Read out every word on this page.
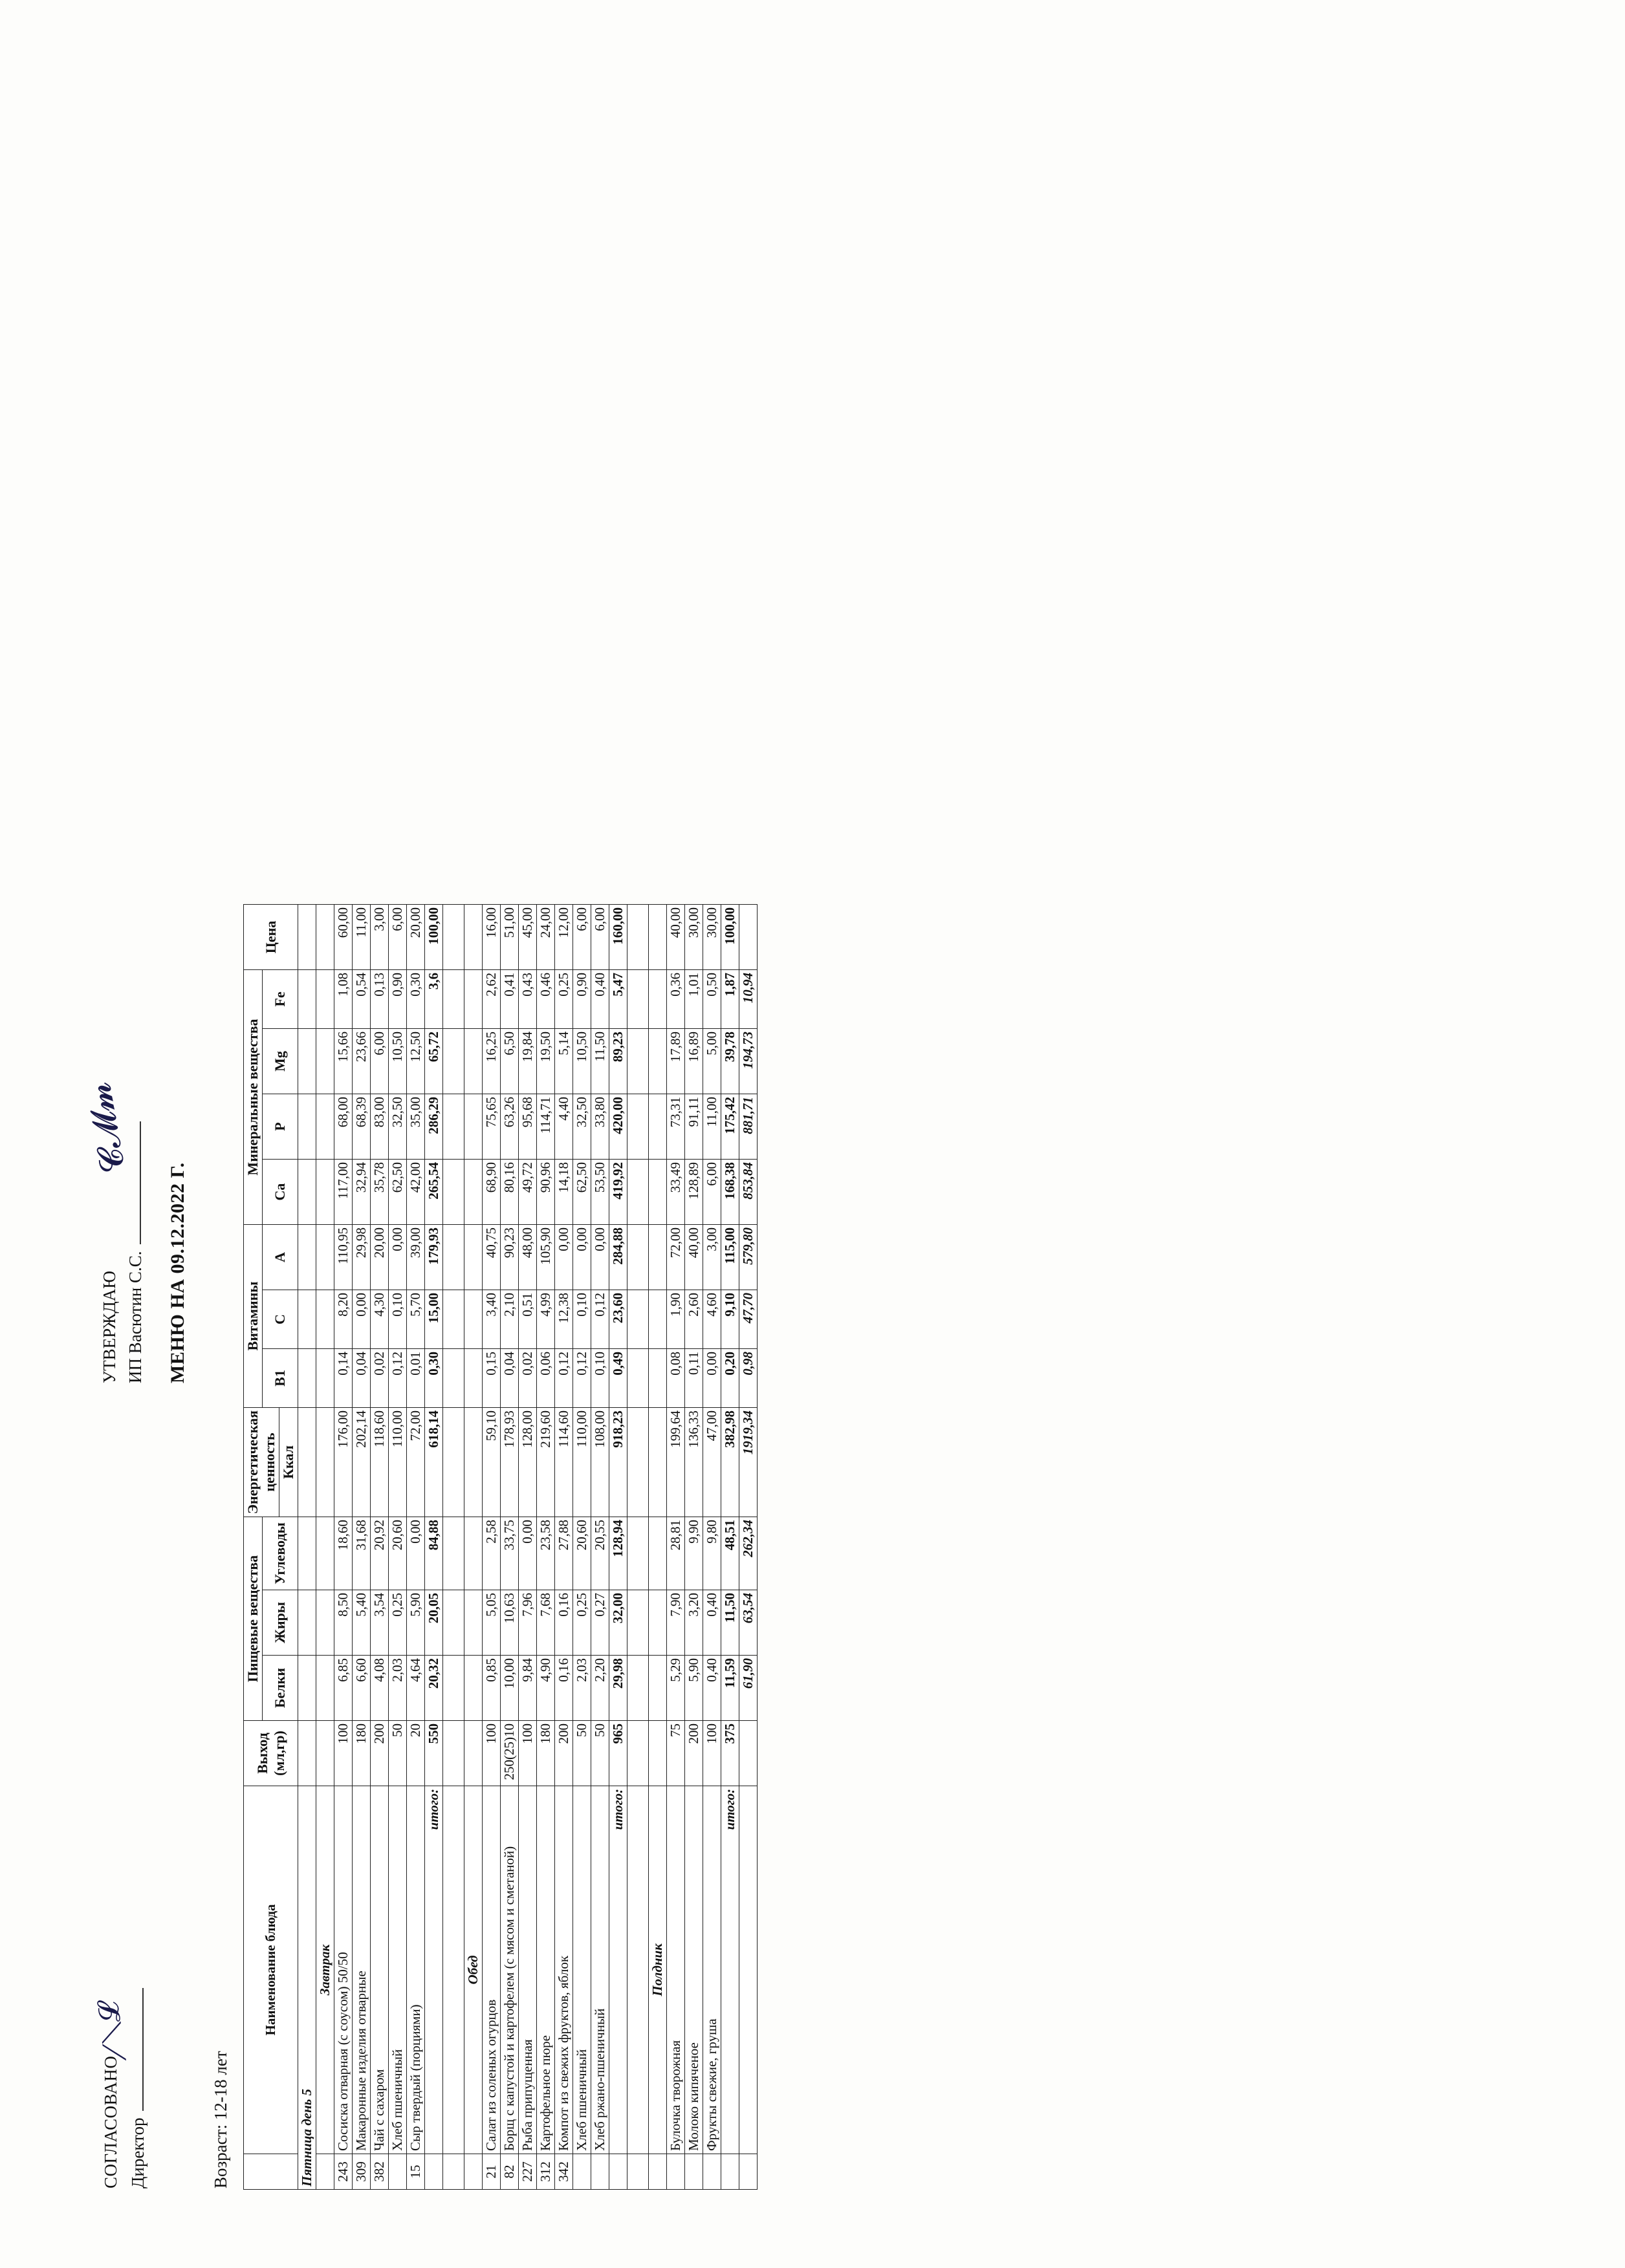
СОГЛАСОВАНО Директор
⟋⟍𝓛
УТВЕРЖДАЮ ИП Васютин С.С.
𝓒𝓜𝓶
МЕНЮ НА 09.12.2022 Г.
Возраст: 12-18 лет
	Наименование блюда	Выход (мл,гр)	Пищевые вещества			Энергетическая ценность	Витамины			Минеральные вещества				Цена
			Белки	Жиры	Углеводы		В1	С	А	Ca	P	Mg	Fe	
						Ккал								
Пятница день 5														
	Завтрак													
243	Сосиска отварная (с соусом) 50/50	100	6,85	8,50	18,60	176,00	0,14	8,20	110,95	117,00	68,00	15,66	1,08	60,00
309	Макаронные изделия отварные	180	6,60	5,40	31,68	202,14	0,04	0,00	29,98	32,94	68,39	23,66	0,54	11,00
382	Чай с сахаром	200	4,08	3,54	20,92	118,60	0,02	4,30	20,00	35,78	83,00	6,00	0,13	3,00
	Хлеб пшеничный	50	2,03	0,25	20,60	110,00	0,12	0,10	0,00	62,50	32,50	10,50	0,90	6,00
15	Сыр твердый (порциями)	20	4,64	5,90	0,00	72,00	0,01	5,70	39,00	42,00	35,00	12,50	0,30	20,00
	итого:	550	20,32	20,05	84,88	618,14	0,30	15,00	179,93	265,54	286,29	65,72	3,6	100,00

	Обед													
21	Салат из соленых огурцов	100	0,85	5,05	2,58	59,10	0,15	3,40	40,75	68,90	75,65	16,25	2,62	16,00
82	Борщ с капустой и картофелем (с мясом и сметаной)	250(25)10	10,00	10,63	33,75	178,93	0,04	2,10	90,23	80,16	63,26	6,50	0,41	51,00
227	Рыба припущенная	100	9,84	7,96	0,00	128,00	0,02	0,51	48,00	49,72	95,68	19,84	0,43	45,00
312	Картофельное пюре	180	4,90	7,68	23,58	219,60	0,06	4,99	105,90	90,96	114,71	19,50	0,46	24,00
342	Компот из свежих фруктов, яблок	200	0,16	0,16	27,88	114,60	0,12	12,38	0,00	14,18	4,40	5,14	0,25	12,00
	Хлеб пшеничный	50	2,03	0,25	20,60	110,00	0,12	0,10	0,00	62,50	32,50	10,50	0,90	6,00
	Хлеб ржано-пшеничный	50	2,20	0,27	20,55	108,00	0,10	0,12	0,00	53,50	33,80	11,50	0,40	6,00
	итого:	965	29,98	32,00	128,94	918,23	0,49	23,60	284,88	419,92	420,00	89,23	5,47	160,00

	Полдник													
	Булочка творожная	75	5,29	7,90	28,81	199,64	0,08	1,90	72,00	33,49	73,31	17,89	0,36	40,00
	Молоко кипяченое	200	5,90	3,20	9,90	136,33	0,11	2,60	40,00	128,89	91,11	16,89	1,01	30,00
	Фрукты свежие, груша	100	0,40	0,40	9,80	47,00	0,00	4,60	3,00	6,00	11,00	5,00	0,50	30,00
	итого:	375	11,59	11,50	48,51	382,98	0,20	9,10	115,00	168,38	175,42	39,78	1,87	100,00
			61,90	63,54	262,34	1919,34	0,98	47,70	579,80	853,84	881,71	194,73	10,94	
